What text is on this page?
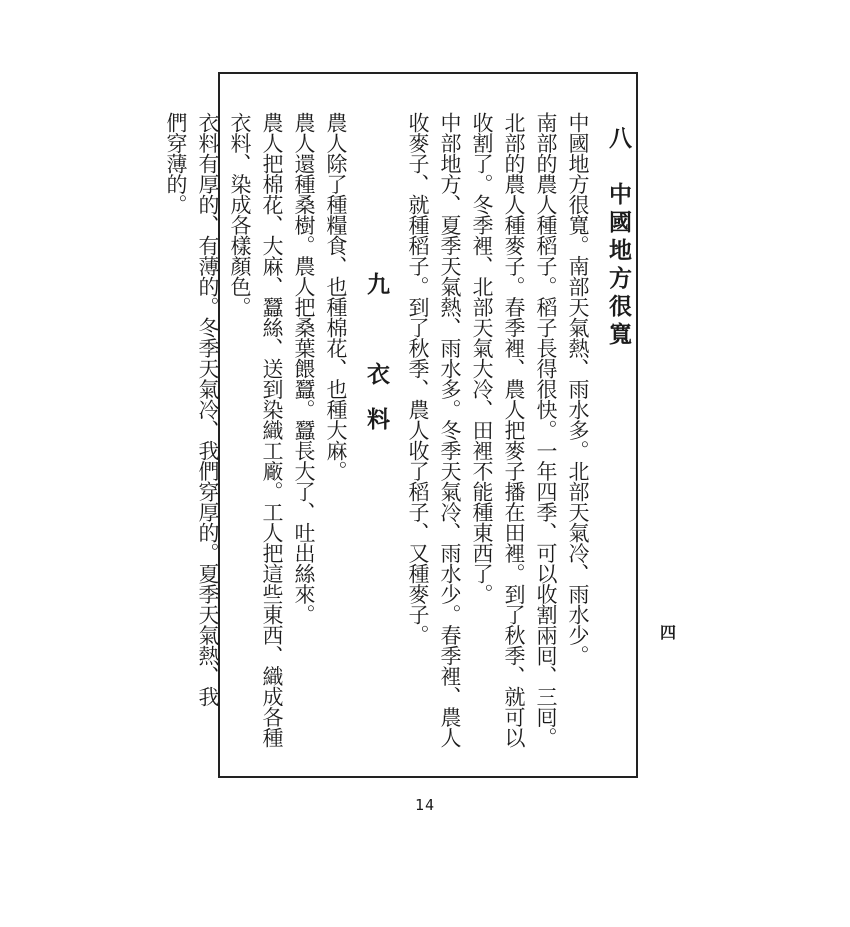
八　中國地方很寬
中國地方很寬。南部天氣熱、雨水多。北部天氣冷、雨水少。
南部的農人種稻子。稻子長得很快。一年四季、可以收割兩囘、三囘。
北部的農人種麥子。春季裡、農人把麥子播在田裡。到了秋季、就可以
收割了。冬季裡、北部天氣大冷、田裡不能種東西了。
中部地方、夏季天氣熱、雨水多。冬季天氣冷、雨水少。春季裡、農人
收麥子、就種稻子。到了秋季、農人收了稻子、又種麥子。
九　衣料
農人除了種糧食、也種棉花、也種大麻。
農人還種桑樹。農人把桑葉餵蠶。蠶長大了、吐出絲來。
農人把棉花、大麻、蠶絲、送到染織工廠。工人把這些東西、織成各種
衣料、染成各樣顏色。
衣料有厚的、有薄的。冬季天氣冷、我們穿厚的。夏季天氣熱、我
們穿薄的。
四
14
